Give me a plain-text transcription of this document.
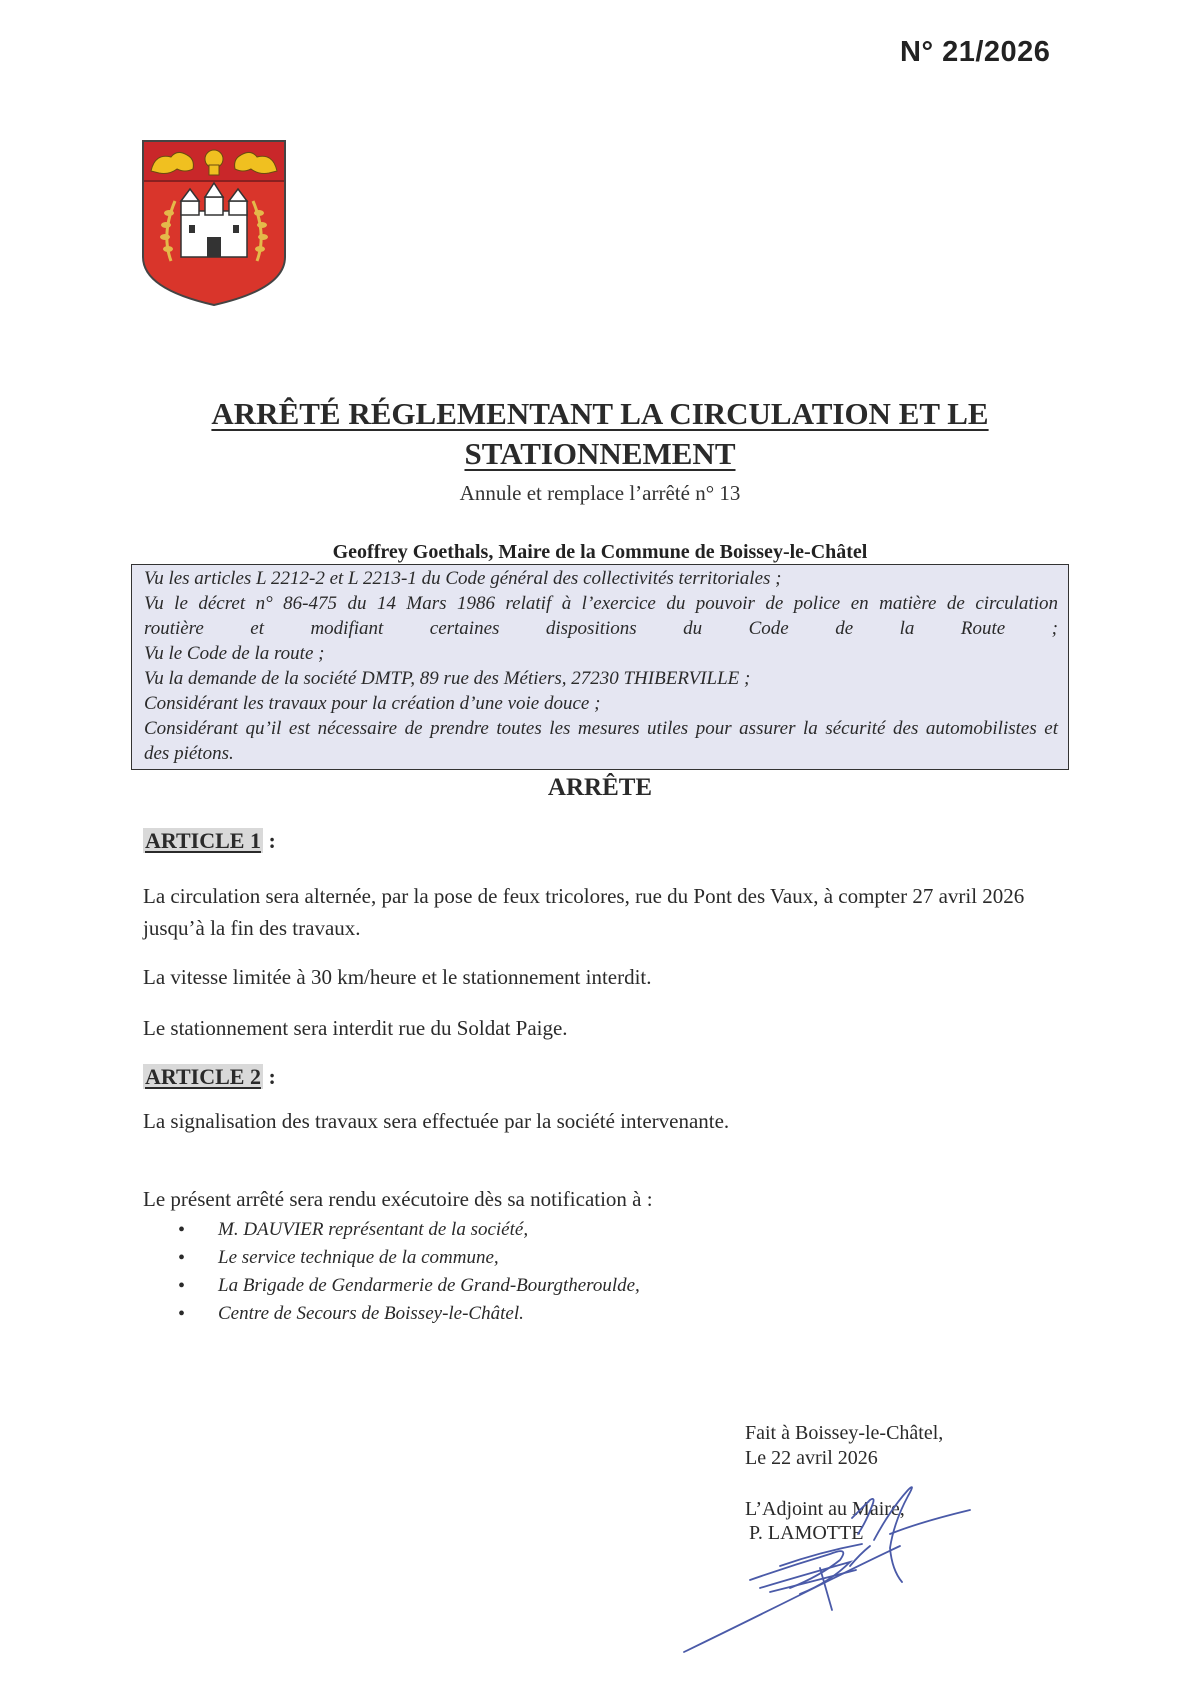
N° 21/2026
ARRÊTÉ RÉGLEMENTANT LA CIRCULATION ET LE
STATIONNEMENT
Annule et remplace l’arrêté n° 13
Geoffrey Goethals, Maire de la Commune de Boissey-le-Châtel
Vu les articles L 2212-2 et L 2213-1 du Code général des collectivités territoriales ;
Vu le décret n° 86-475 du 14 Mars 1986 relatif à l’exercice du pouvoir de police en matière de circulation
routière et modifiant certaines dispositions du Code de la Route ;
Vu le Code de la route ;
Vu la demande de la société DMTP, 89 rue des Métiers, 27230 THIBERVILLE ;
Considérant les travaux pour la création d’une voie douce ;
Considérant qu’il est nécessaire de prendre toutes les mesures utiles pour assurer la sécurité des automobilistes et
des piétons.
ARRÊTE
ARTICLE 1 :
La circulation sera alternée, par la pose de feux tricolores, rue du Pont des Vaux, à compter 27 avril 2026 jusqu’à la fin des travaux.
La vitesse limitée à 30 km/heure et le stationnement interdit.
Le stationnement sera interdit rue du Soldat Paige.
ARTICLE 2 :
La signalisation des travaux sera effectuée par la société intervenante.
Le présent arrêté sera rendu exécutoire dès sa notification à :
• M. DAUVIER représentant de la société,
• Le service technique de la commune,
• La Brigade de Gendarmerie de Grand-Bourgtheroulde,
• Centre de Secours de Boissey-le-Châtel.
Fait à Boissey-le-Châtel,
Le 22 avril 2026
L’Adjoint au Maire,
P. LAMOTTE
